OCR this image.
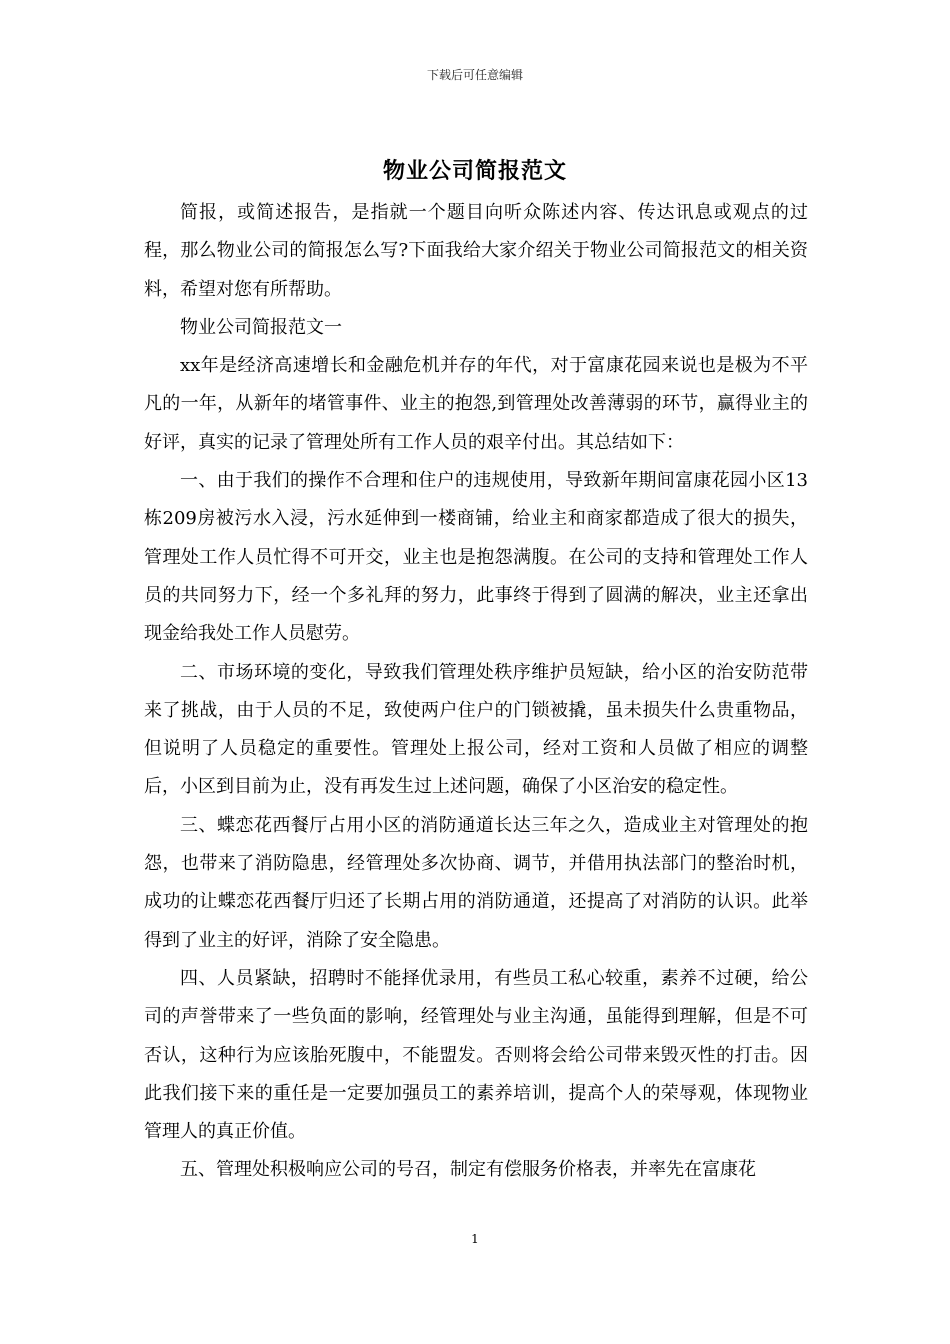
下载后可任意编辑
物业公司简报范文

简报，或简述报告，是指就一个题目向听众陈述内容、传达讯息或观点的过程，那么物业公司的简报怎么写?下面我给大家介绍关于物业公司简报范文的相关资料，希望对您有所帮助。

物业公司简报范文一

xx年是经济高速增长和金融危机并存的年代，对于富康花园来说也是极为不平凡的一年，从新年的堵管事件、业主的抱怨,到管理处改善薄弱的环节，赢得业主的好评，真实的记录了管理处所有工作人员的艰辛付出。其总结如下：

一、由于我们的操作不合理和住户的违规使用，导致新年期间富康花园小区13栋209房被污水入浸，污水延伸到一楼商铺，给业主和商家都造成了很大的损失，管理处工作人员忙得不可开交，业主也是抱怨满腹。在公司的支持和管理处工作人员的共同努力下，经一个多礼拜的努力，此事终于得到了圆满的解决，业主还拿出现金给我处工作人员慰劳。

二、市场环境的变化，导致我们管理处秩序维护员短缺，给小区的治安防范带来了挑战，由于人员的不足，致使两户住户的门锁被撬，虽未损失什么贵重物品，但说明了人员稳定的重要性。管理处上报公司，经对工资和人员做了相应的调整后，小区到目前为止，没有再发生过上述问题，确保了小区治安的稳定性。

三、蝶恋花西餐厅占用小区的消防通道长达三年之久，造成业主对管理处的抱怨，也带来了消防隐患，经管理处多次协商、调节，并借用执法部门的整治时机，成功的让蝶恋花西餐厅归还了长期占用的消防通道，还提高了对消防的认识。此举得到了业主的好评，消除了安全隐患。

四、人员紧缺，招聘时不能择优录用，有些员工私心较重，素养不过硬，给公司的声誉带来了一些负面的影响，经管理处与业主沟通，虽能得到理解，但是不可否认，这种行为应该胎死腹中，不能盟发。否则将会给公司带来毁灭性的打击。因此我们接下来的重任是一定要加强员工的素养培训，提高个人的荣辱观，体现物业管理人的真正价值。

五、管理处积极响应公司的号召，制定有偿服务价格表，并率先在富康花

1
